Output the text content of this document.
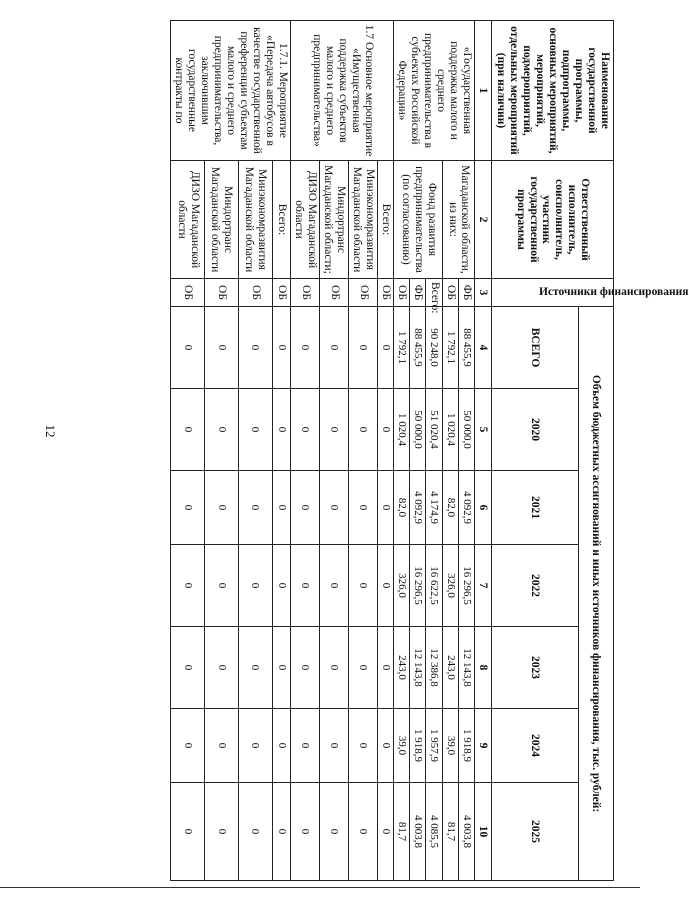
12
Наименование государственной программы, подпрограммы, основных мероприятий, мероприятий, подмероприятий, отдельных мероприятий (при наличии)	Ответственный исполнитель, соисполнитель, участник государственной программы	Источники финансирования	Объем бюджетных ассигнований и иных источников финансирования, тыс. рублей:						
			ВСЕГО	2020	2021	2022	2023	2024	2025
1	2	3	4	5	6	7	8	9	10
«Государственная поддержка малого и среднего предпринимательства в субъектах Российской Федерации»	Магаданской области, из них:	ФБ	88 455,9	50 000,0	4 092,9	16 296,5	12 143,8	1 918,9	4 003,8
		ОБ	1 792,1	1 020,4	82,0	326,0	243,0	39,0	81,7
	Фонд развития предпринимательства (по согласованию)	Всего:	90 248,0	51 020,4	4 174,9	16 622,5	12 386,8	1 957,9	4 085,5
		ФБ	88 455,9	50 000,0	4 092,9	16 296,5	12 143,8	1 918,9	4 003,8
		ОБ	1 792,1	1 020,4	82,0	326,0	243,0	39,0	81,7
1.7 Основное мероприятие «Имущественная поддержка субъектов малого и среднего предпринимательства»	Всего:	ОБ	0	0	0	0	0	0	0
	Минэкономразвития Магаданской области	ОБ	0	0	0	0	0	0	0
	Миндортранс Магаданской области;	ОБ	0	0	0	0	0	0	0
	ДИЗО Магаданской области	ОБ	0	0	0	0	0	0	0
1.7.1. Мероприятие «Передача автобусов в качестве государственной преференции субъектам малого и среднего предпринимательства, заключившим государственные контракты по	Всего:	ОБ	0	0	0	0	0	0	0
	Минэкономразвития Магаданской области	ОБ	0	0	0	0	0	0	0
	Миндортранс Магаданской области	ОБ	0	0	0	0	0	0	0
	ДИЗО Магаданской области	ОБ	0	0	0	0	0	0	0
